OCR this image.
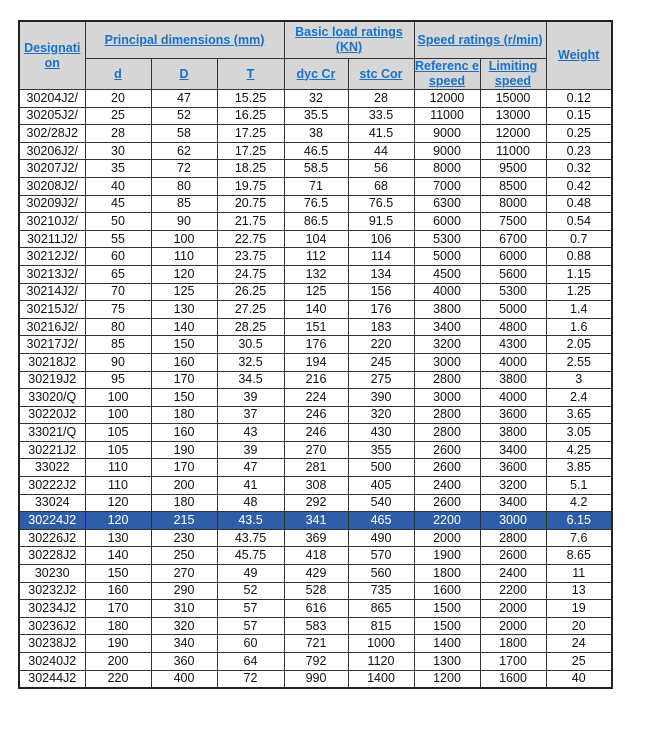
Designati on	Principal dimensions (mm)			Basic load ratings (KN)		Speed ratings (r/min)		Weight
	d	D	T	dyc Cr	stc Cor	Referenc e speed	Limiting speed	
30204J2/	20	47	15.25	32	28	12000	15000	0.12
30205J2/	25	52	16.25	35.5	33.5	11000	13000	0.15
302/28J2	28	58	17.25	38	41.5	9000	12000	0.25
30206J2/	30	62	17.25	46.5	44	9000	11000	0.23
30207J2/	35	72	18.25	58.5	56	8000	9500	0.32
30208J2/	40	80	19.75	71	68	7000	8500	0.42
30209J2/	45	85	20.75	76.5	76.5	6300	8000	0.48
30210J2/	50	90	21.75	86.5	91.5	6000	7500	0.54
30211J2/	55	100	22.75	104	106	5300	6700	0.7
30212J2/	60	110	23.75	112	114	5000	6000	0.88
30213J2/	65	120	24.75	132	134	4500	5600	1.15
30214J2/	70	125	26.25	125	156	4000	5300	1.25
30215J2/	75	130	27.25	140	176	3800	5000	1.4
30216J2/	80	140	28.25	151	183	3400	4800	1.6
30217J2/	85	150	30.5	176	220	3200	4300	2.05
30218J2	90	160	32.5	194	245	3000	4000	2.55
30219J2	95	170	34.5	216	275	2800	3800	3
33020/Q	100	150	39	224	390	3000	4000	2.4
30220J2	100	180	37	246	320	2800	3600	3.65
33021/Q	105	160	43	246	430	2800	3800	3.05
30221J2	105	190	39	270	355	2600	3400	4.25
33022	110	170	47	281	500	2600	3600	3.85
30222J2	110	200	41	308	405	2400	3200	5.1
33024	120	180	48	292	540	2600	3400	4.2
30224J2	120	215	43.5	341	465	2200	3000	6.15
30226J2	130	230	43.75	369	490	2000	2800	7.6
30228J2	140	250	45.75	418	570	1900	2600	8.65
30230	150	270	49	429	560	1800	2400	11
30232J2	160	290	52	528	735	1600	2200	13
30234J2	170	310	57	616	865	1500	2000	19
30236J2	180	320	57	583	815	1500	2000	20
30238J2	190	340	60	721	1000	1400	1800	24
30240J2	200	360	64	792	1120	1300	1700	25
30244J2	220	400	72	990	1400	1200	1600	40
